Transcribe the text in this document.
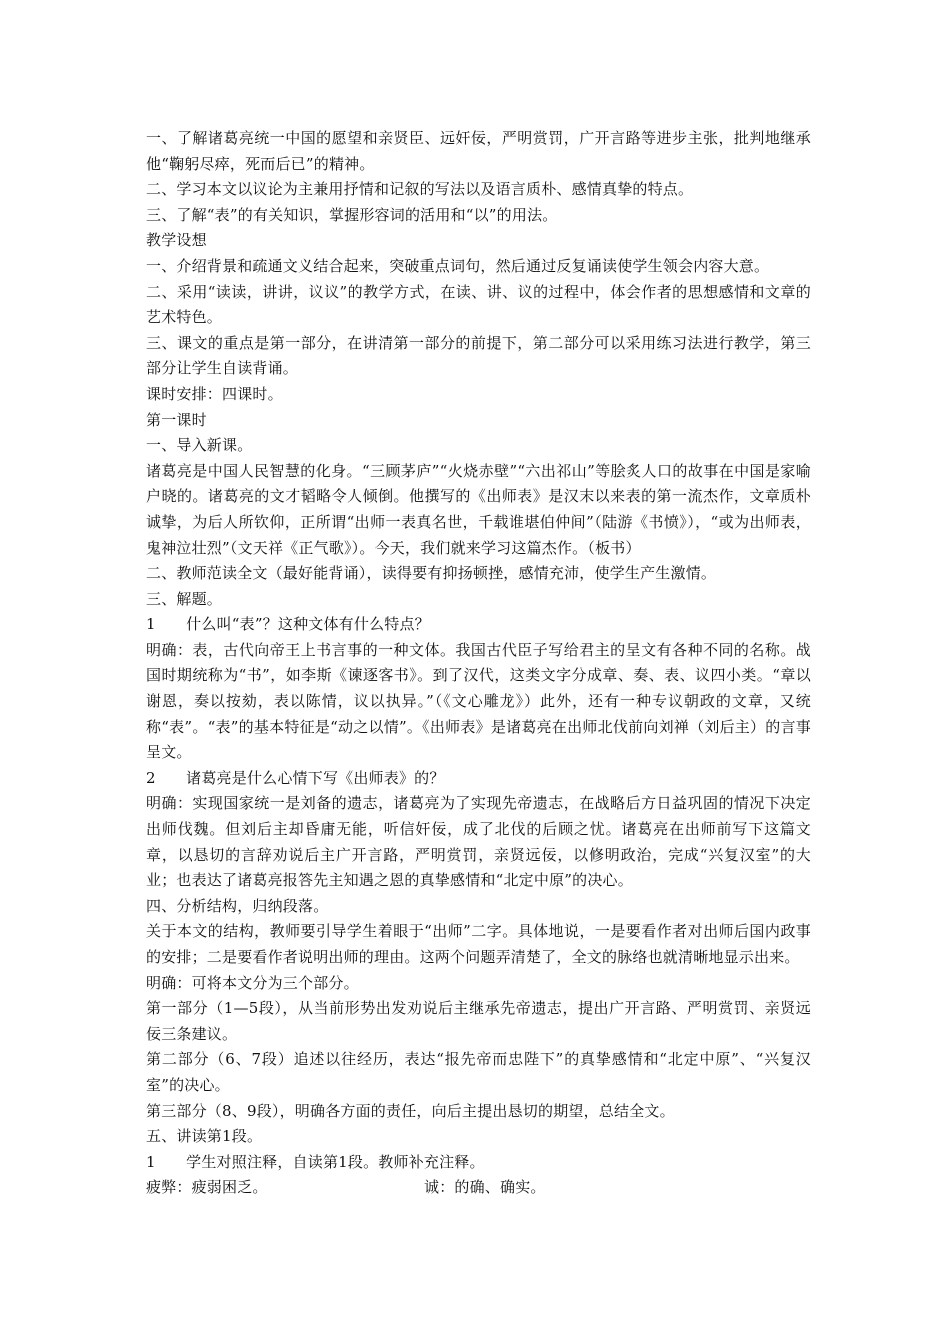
一、了解诸葛亮统一中国的愿望和亲贤臣、远奸佞，严明赏罚，广开言路等进步主张，批判地继承他“鞠躬尽瘁，死而后已”的精神。

二、学习本文以议论为主兼用抒情和记叙的写法以及语言质朴、感情真挚的特点。

三、了解“表”的有关知识，掌握形容词的活用和“以”的用法。

教学设想

一、介绍背景和疏通文义结合起来，突破重点词句，然后通过反复诵读使学生领会内容大意。

二、采用“读读，讲讲，议议”的教学方式，在读、讲、议的过程中，体会作者的思想感情和文章的艺术特色。

三、课文的重点是第一部分，在讲清第一部分的前提下，第二部分可以采用练习法进行教学，第三部分让学生自读背诵。

课时安排：四课时。

第一课时

一、导入新课。

诸葛亮是中国人民智慧的化身。“三顾茅庐”“火烧赤壁”“六出祁山”等脍炙人口的故事在中国是家喻户晓的。诸葛亮的文才韬略令人倾倒。他撰写的《出师表》是汉末以来表的第一流杰作，文章质朴诚挚，为后人所钦仰，正所谓“出师一表真名世，千载谁堪伯仲间”（陆游《书愤》），“或为出师表，鬼神泣壮烈”（文天祥《正气歌》）。今天，我们就来学习这篇杰作。（板书）

二、教师范读全文（最好能背诵），读得要有抑扬顿挫，感情充沛，使学生产生激情。

三、解题。

1　　什么叫“表”？这种文体有什么特点？

明确：表，古代向帝王上书言事的一种文体。我国古代臣子写给君主的呈文有各种不同的名称。战国时期统称为“书”，如李斯《谏逐客书》。到了汉代，这类文字分成章、奏、表、议四小类。“章以谢恩，奏以按劾，表以陈情，议以执异。”（《文心雕龙》）此外，还有一种专议朝政的文章，又统称“表”。“表”的基本特征是“动之以情”。《出师表》是诸葛亮在出师北伐前向刘禅（刘后主）的言事呈文。

2　　诸葛亮是什么心情下写《出师表》的？

明确：实现国家统一是刘备的遗志，诸葛亮为了实现先帝遗志，在战略后方日益巩固的情况下决定出师伐魏。但刘后主却昏庸无能，听信奸佞，成了北伐的后顾之忧。诸葛亮在出师前写下这篇文章，以恳切的言辞劝说后主广开言路，严明赏罚，亲贤远佞，以修明政治，完成“兴复汉室”的大业；也表达了诸葛亮报答先主知遇之恩的真挚感情和“北定中原”的决心。

四、分析结构，归纳段落。

关于本文的结构，教师要引导学生着眼于“出师”二字。具体地说，一是要看作者对出师后国内政事的安排；二是要看作者说明出师的理由。这两个问题弄清楚了，全文的脉络也就清晰地显示出来。

明确：可将本文分为三个部分。

第一部分（1—5段），从当前形势出发劝说后主继承先帝遗志，提出广开言路、严明赏罚、亲贤远佞三条建议。

第二部分（6、7段）追述以往经历，表达“报先帝而忠陛下”的真挚感情和“北定中原”、“兴复汉室”的决心。

第三部分（8、9段），明确各方面的责任，向后主提出恳切的期望，总结全文。

五、讲读第1段。

1　　学生对照注释，自读第1段。教师补充注释。

疲弊：疲弱困乏。	诚：的确、确实。
